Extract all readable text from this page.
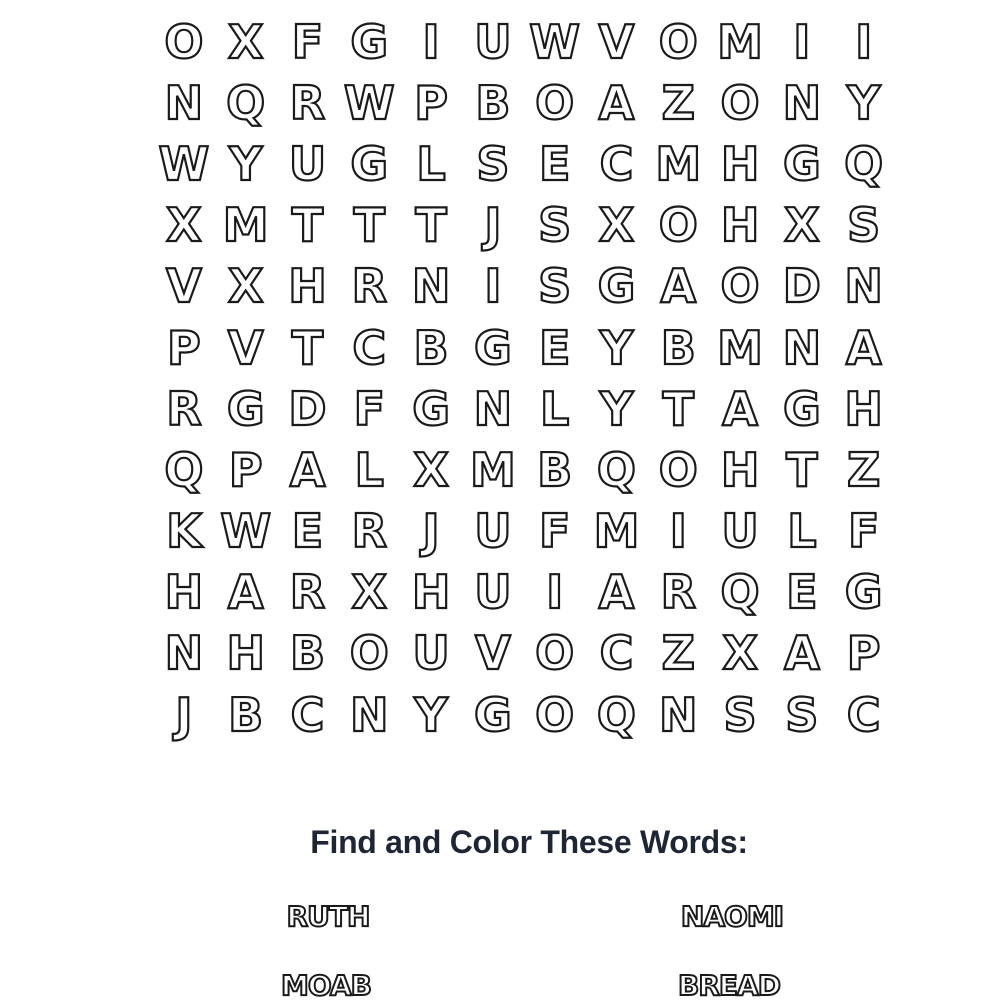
O X F G I U W V O M I I
N Q R W P B O A Z O N Y
W Y U G L S E C M H G Q
X M T T T J S X O H X S
V X H R N I S G A O D N
P V T C B G E Y B M N A
R G D F G N L Y T A G H
Q P A L X M B Q O H T Z
K W E R J U F M I U L F
H A R X H U I A R Q E G
N H B O U V O C Z X A P
J B C N Y G O Q N S S C
Find and Color These Words:
RUTH	NAOMI
MOAB	BREAD
